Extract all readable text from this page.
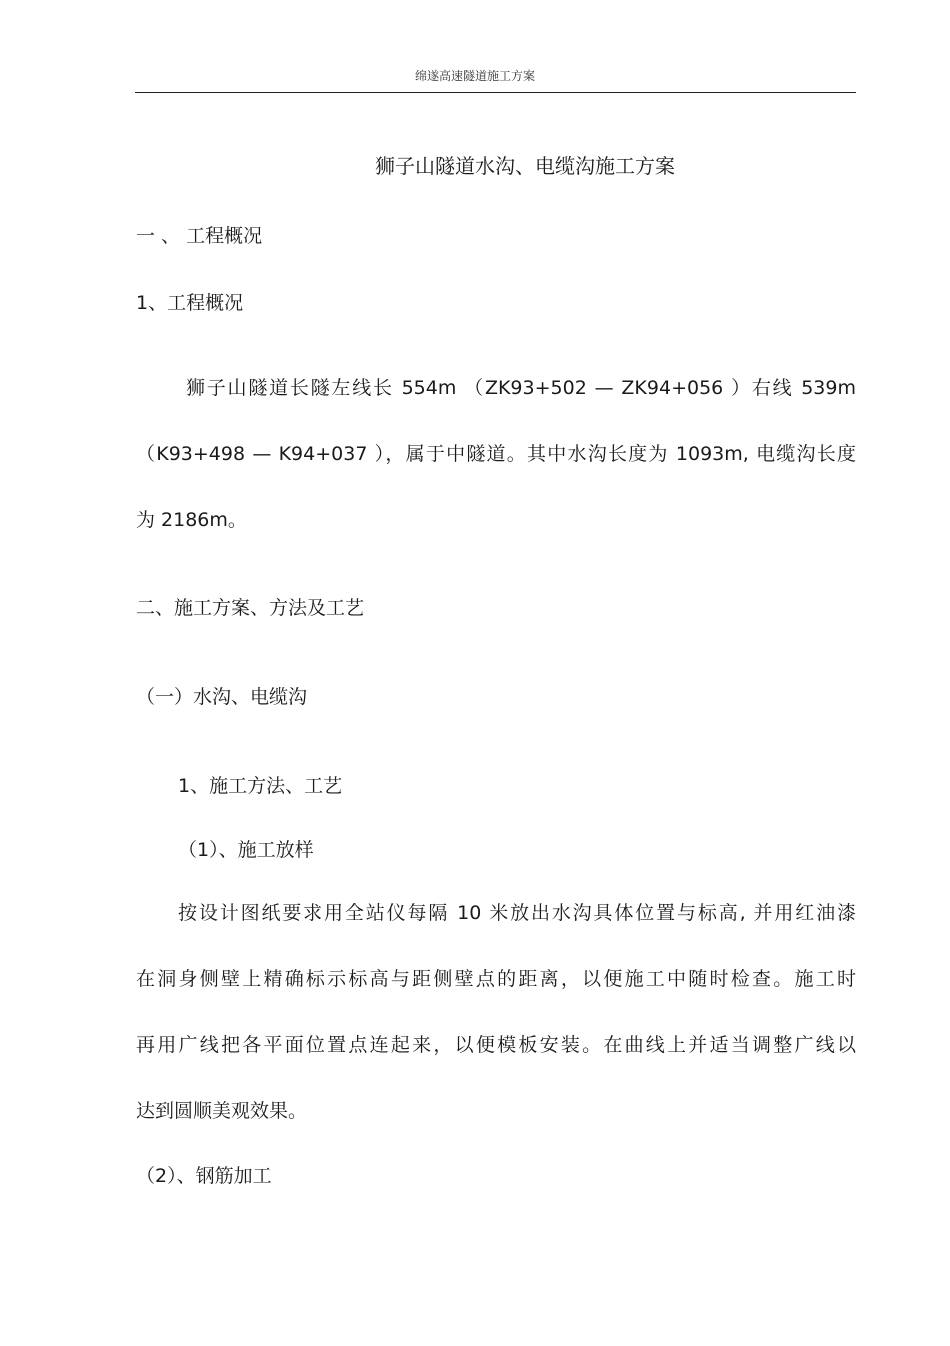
绵遂高速隧道施工方案
狮子山隧道水沟、电缆沟施工方案
一 、 工程概况
1、工程概况
狮子山隧道长隧左线长 554m （ZK93+502 — ZK94+056 ）右线 539m
（K93+498 — K94+037 ），属于中隧道。其中水沟长度为 1093m, 电缆沟长度
为 2186m。
二、施工方案、方法及工艺
（一）水沟、电缆沟
1、施工方法、工艺
（1）、施工放样
按设计图纸要求用全站仪每隔 10 米放出水沟具体位置与标高, 并用红油漆
在洞身侧壁上精确标示标高与距侧壁点的距离，以便施工中随时检查。施工时
再用广线把各平面位置点连起来，以便模板安装。在曲线上并适当调整广线以
达到圆顺美观效果。
（2）、钢筋加工
